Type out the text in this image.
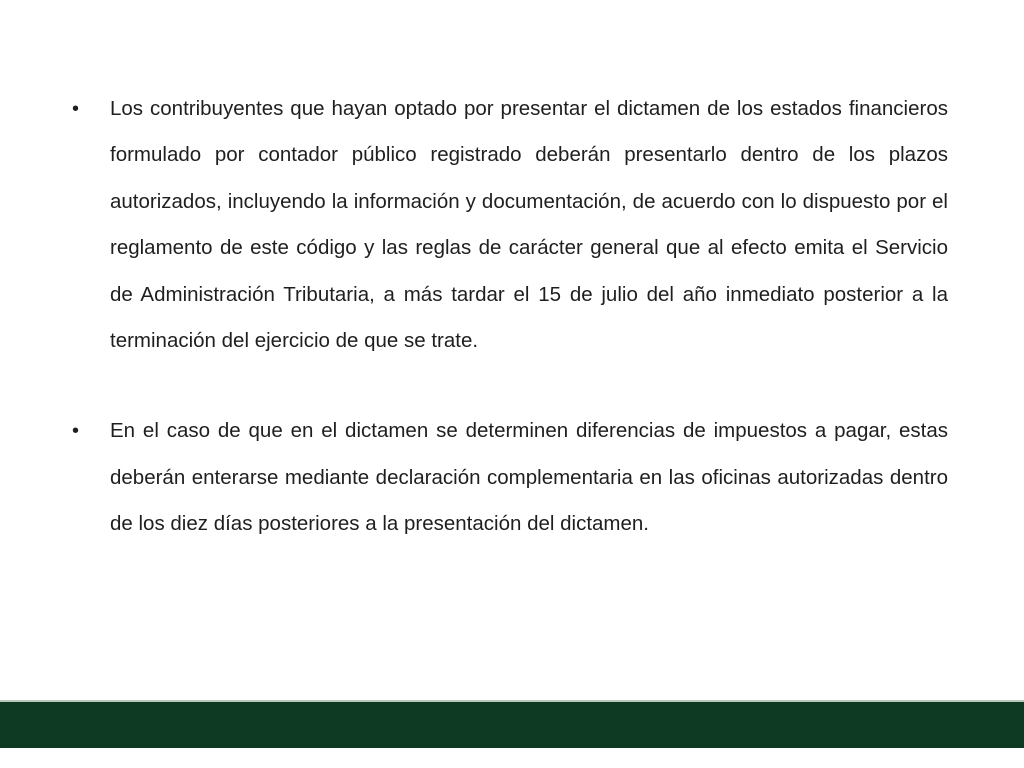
•	Los contribuyentes que hayan optado por presentar el dictamen de los estados financieros formulado por contador público registrado deberán presentarlo dentro de los plazos autorizados, incluyendo la información y documentación, de acuerdo con lo dispuesto por el reglamento de este código y las reglas de carácter general que al efecto emita el Servicio de Administración Tributaria, a más tardar el 15 de julio del año inmediato posterior a la terminación del ejercicio de que se trate.
•	En el caso de que en el dictamen se determinen diferencias de impuestos a pagar, estas deberán enterarse mediante declaración complementaria en las oficinas autorizadas dentro de los diez días posteriores a la presentación del dictamen.
